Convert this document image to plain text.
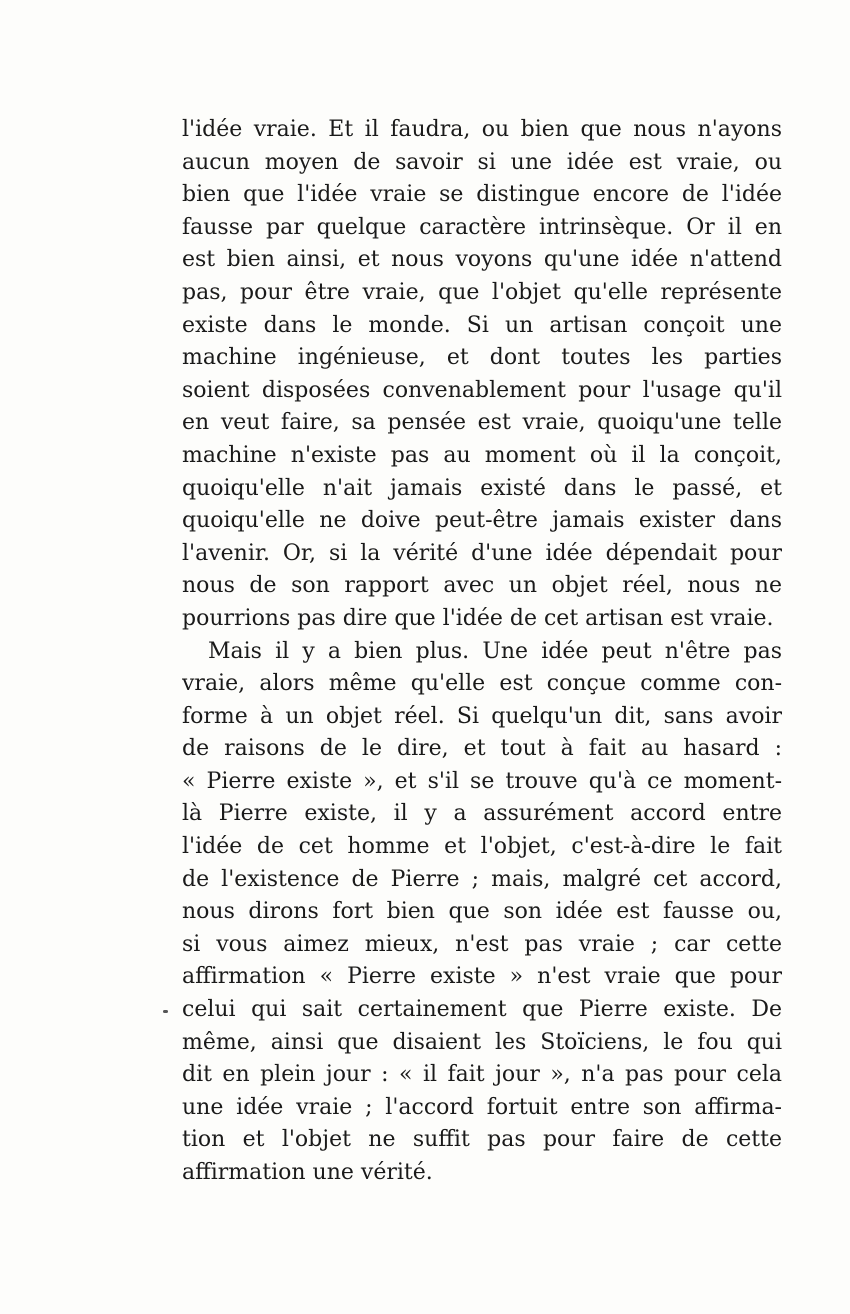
l'idée vraie. Et il faudra, ou bien que nous n'ayons
aucun moyen de savoir si une idée est vraie, ou
bien que l'idée vraie se distingue encore de l'idée
fausse par quelque caractère intrinsèque. Or il en
est bien ainsi, et nous voyons qu'une idée n'attend
pas, pour être vraie, que l'objet qu'elle représente
existe dans le monde. Si un artisan conçoit une
machine ingénieuse, et dont toutes les parties
soient disposées convenablement pour l'usage qu'il
en veut faire, sa pensée est vraie, quoiqu'une telle
machine n'existe pas au moment où il la conçoit,
quoiqu'elle n'ait jamais existé dans le passé, et
quoiqu'elle ne doive peut-être jamais exister dans
l'avenir. Or, si la vérité d'une idée dépendait pour
nous de son rapport avec un objet réel, nous ne
pourrions pas dire que l'idée de cet artisan est vraie.
Mais il y a bien plus. Une idée peut n'être pas
vraie, alors même qu'elle est conçue comme con-
forme à un objet réel. Si quelqu'un dit, sans avoir
de raisons de le dire, et tout à fait au hasard :
« Pierre existe », et s'il se trouve qu'à ce moment-
là Pierre existe, il y a assurément accord entre
l'idée de cet homme et l'objet, c'est-à-dire le fait
de l'existence de Pierre ; mais, malgré cet accord,
nous dirons fort bien que son idée est fausse ou,
si vous aimez mieux, n'est pas vraie ; car cette
affirmation « Pierre existe » n'est vraie que pour
celui qui sait certainement que Pierre existe. De
même, ainsi que disaient les Stoïciens, le fou qui
dit en plein jour : « il fait jour », n'a pas pour cela
une idée vraie ; l'accord fortuit entre son affirma-
tion et l'objet ne suffit pas pour faire de cette
affirmation une vérité.
